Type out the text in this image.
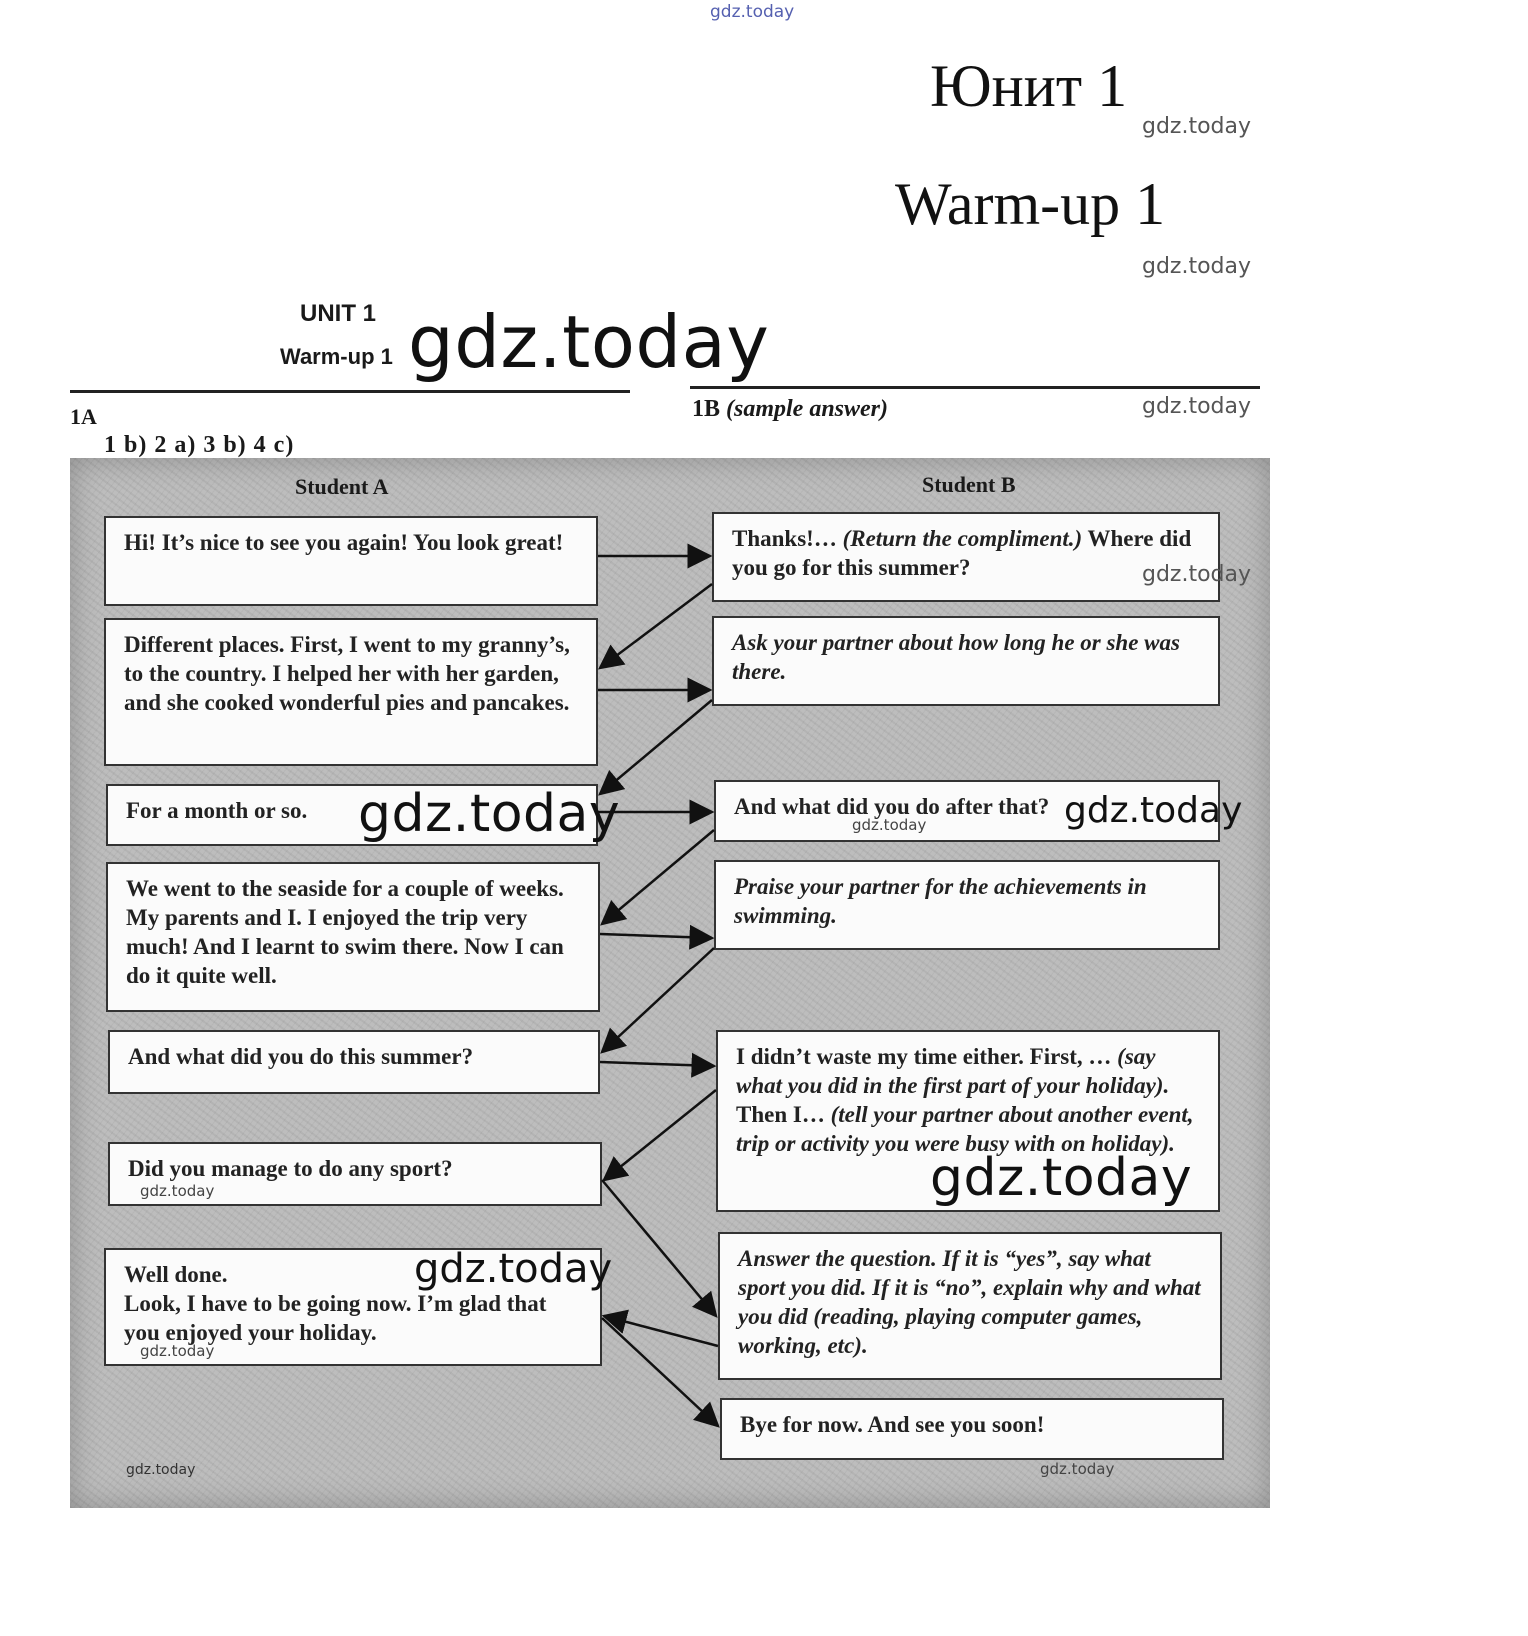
gdz.today
Юнит 1
gdz.today
Warm-up 1
gdz.today
UNIT 1
Warm-up 1 gdz.today
1A	1B (sample answer)	gdz.today
1 b) 2 a) 3 b) 4 c)
Student A	Student B
Hi! It’s nice to see you again! You look great!
Different places. First, I went to my granny’s, to the country. I helped her with her garden, and she cooked wonderful pies and pancakes.
For a month or so.
We went to the seaside for a couple of weeks. My parents and I. I enjoyed the trip very much! And I learnt to swim there. Now I can do it quite well.
And what did you do this summer?
Did you manage to do any sport?
Well done.
Look, I have to be going now. I’m glad that you enjoyed your holiday.
Thanks!… (Return the compliment.) Where did you go for this summer?
Ask your partner about how long he or she was there.
And what did you do after that?
Praise your partner for the achievements in swimming.
I didn’t waste my time either. First, … (say what you did in the first part of your holiday). Then I… (tell your partner about another event, trip or activity you were busy with on holiday).
Answer the question. If it is “yes”, say what sport you did. If it is “no”, explain why and what you did (reading, playing computer games, working, etc).
Bye for now. And see you soon!
gdz.today
gdz.today	gdz.today	gdz.today
gdz.today
gdz.today
gdz.today
gdz.today
gdz.today	gdz.today
